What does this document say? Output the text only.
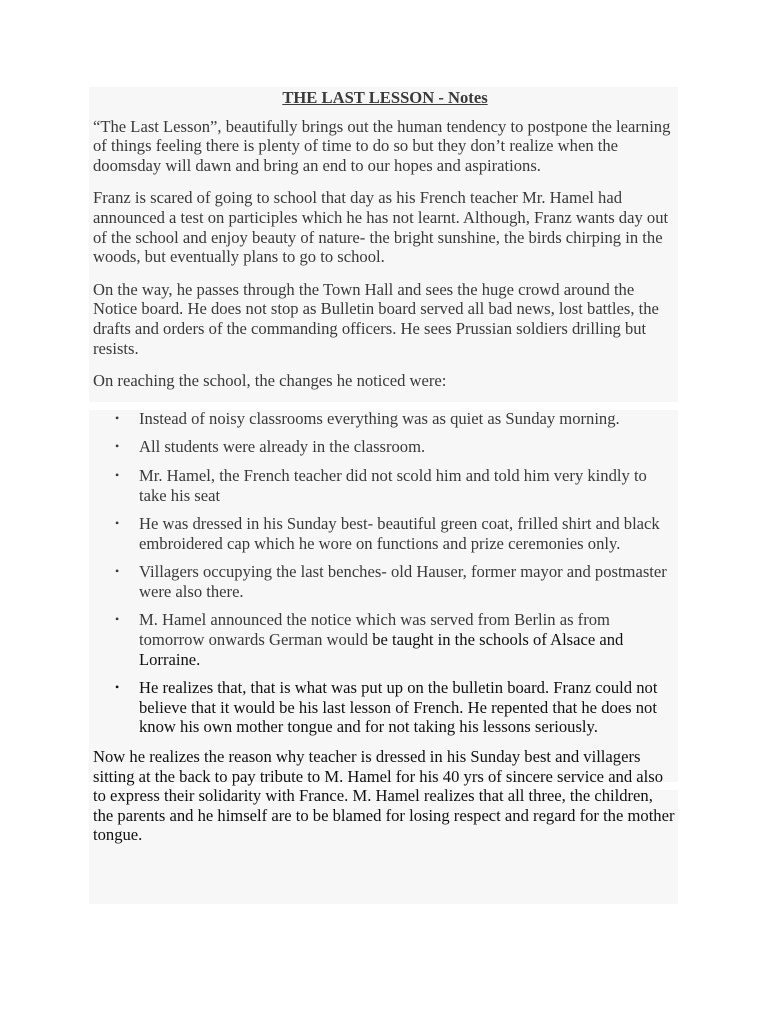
THE LAST LESSON - Notes

“The Last Lesson”, beautifully brings out the human tendency to postpone the learning of things feeling there is plenty of time to do so but they don’t realize when the doomsday will dawn and bring an end to our hopes and aspirations.

Franz is scared of going to school that day as his French teacher Mr. Hamel had announced a test on participles which he has not learnt. Although, Franz wants day out of the school and enjoy beauty of nature- the bright sunshine, the birds chirping in the woods, but eventually plans to go to school.

On the way, he passes through the Town Hall and sees the huge crowd around the Notice board. He does not stop as Bulletin board served all bad news, lost battles, the drafts and orders of the commanding officers. He sees Prussian soldiers drilling but resists.

On reaching the school, the changes he noticed were:

• Instead of noisy classrooms everything was as quiet as Sunday morning.
• All students were already in the classroom.
• Mr. Hamel, the French teacher did not scold him and told him very kindly to take his seat
• He was dressed in his Sunday best- beautiful green coat, frilled shirt and black embroidered cap which he wore on functions and prize ceremonies only.
• Villagers occupying the last benches- old Hauser, former mayor and postmaster were also there.
• M. Hamel announced the notice which was served from Berlin as from tomorrow onwards German would be taught in the schools of Alsace and Lorraine.
• He realizes that, that is what was put up on the bulletin board. Franz could not believe that it would be his last lesson of French. He repented that he does not know his own mother tongue and for not taking his lessons seriously.

Now he realizes the reason why teacher is dressed in his Sunday best and villagers sitting at the back to pay tribute to M. Hamel for his 40 yrs of sincere service and also to express their solidarity with France. M. Hamel realizes that all three, the children, the parents and he himself are to be blamed for losing respect and regard for the mother tongue.
